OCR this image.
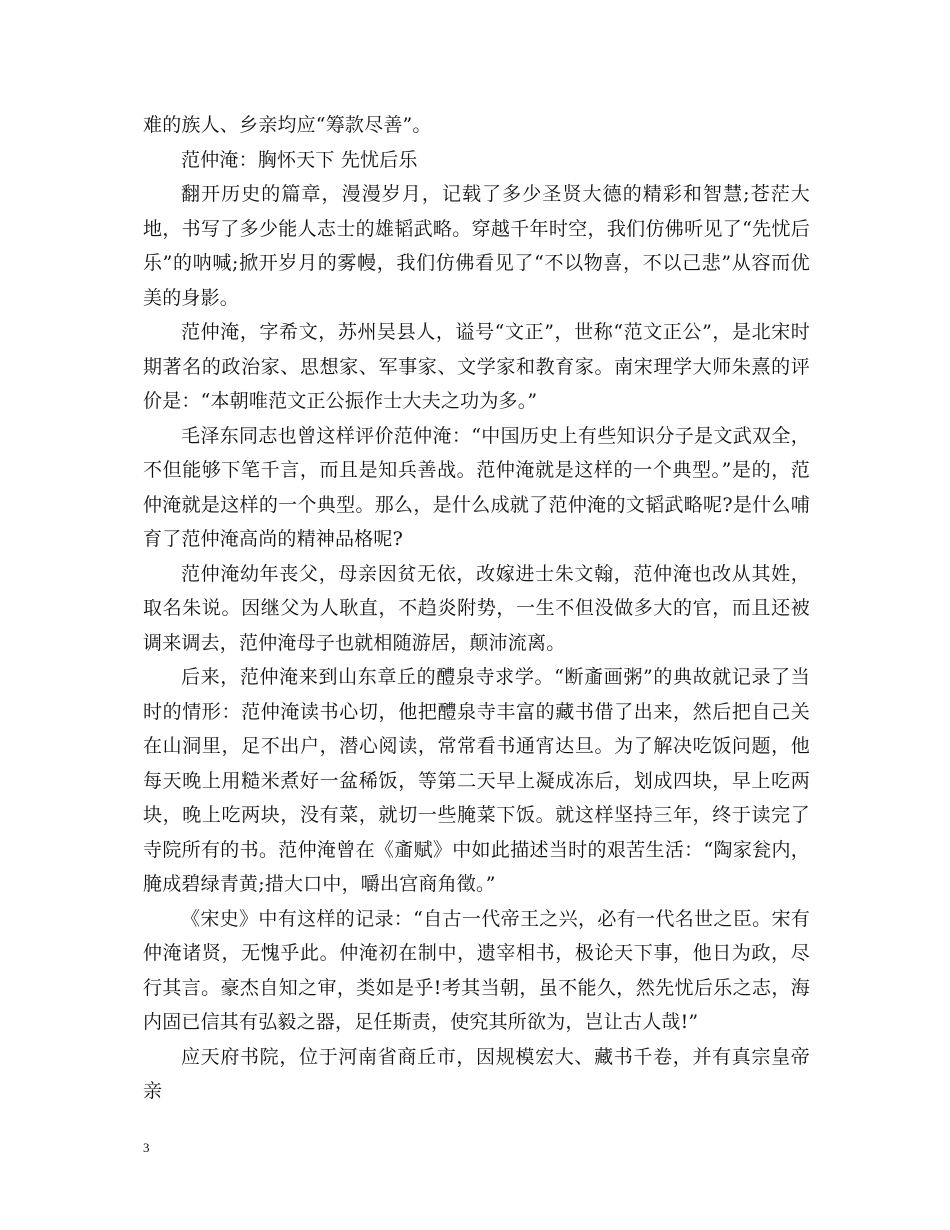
难的族人、乡亲均应“筹款尽善”。

范仲淹：胸怀天下 先忧后乐

翻开历史的篇章，漫漫岁月，记载了多少圣贤大德的精彩和智慧;苍茫大地，书写了多少能人志士的雄韬武略。穿越千年时空，我们仿佛听见了“先忧后乐”的呐喊;掀开岁月的雾幔，我们仿佛看见了“不以物喜，不以己悲”从容而优美的身影。

范仲淹，字希文，苏州吴县人，谥号“文正”，世称“范文正公”，是北宋时期著名的政治家、思想家、军事家、文学家和教育家。南宋理学大师朱熹的评价是：“本朝唯范文正公振作士大夫之功为多。”

毛泽东同志也曾这样评价范仲淹：“中国历史上有些知识分子是文武双全，不但能够下笔千言，而且是知兵善战。范仲淹就是这样的一个典型。”是的，范仲淹就是这样的一个典型。那么，是什么成就了范仲淹的文韬武略呢?是什么哺育了范仲淹高尚的精神品格呢?

范仲淹幼年丧父，母亲因贫无依，改嫁进士朱文翰，范仲淹也改从其姓，取名朱说。因继父为人耿直，不趋炎附势，一生不但没做多大的官，而且还被调来调去，范仲淹母子也就相随游居，颠沛流离。

后来，范仲淹来到山东章丘的醴泉寺求学。“断齑画粥”的典故就记录了当时的情形：范仲淹读书心切，他把醴泉寺丰富的藏书借了出来，然后把自己关在山洞里，足不出户，潜心阅读，常常看书通宵达旦。为了解决吃饭问题，他每天晚上用糙米煮好一盆稀饭，等第二天早上凝成冻后，划成四块，早上吃两块，晚上吃两块，没有菜，就切一些腌菜下饭。就这样坚持三年，终于读完了寺院所有的书。范仲淹曾在《齑赋》中如此描述当时的艰苦生活：“陶家瓮内，腌成碧绿青黄;措大口中，嚼出宫商角徵。”

《宋史》中有这样的记录：“自古一代帝王之兴，必有一代名世之臣。宋有仲淹诸贤，无愧乎此。仲淹初在制中，遗宰相书，极论天下事，他日为政，尽行其言。豪杰自知之审，类如是乎!考其当朝，虽不能久，然先忧后乐之志，海内固已信其有弘毅之器，足任斯责，使究其所欲为，岂让古人哉!”

应天府书院，位于河南省商丘市，因规模宏大、藏书千卷，并有真宗皇帝亲

3
